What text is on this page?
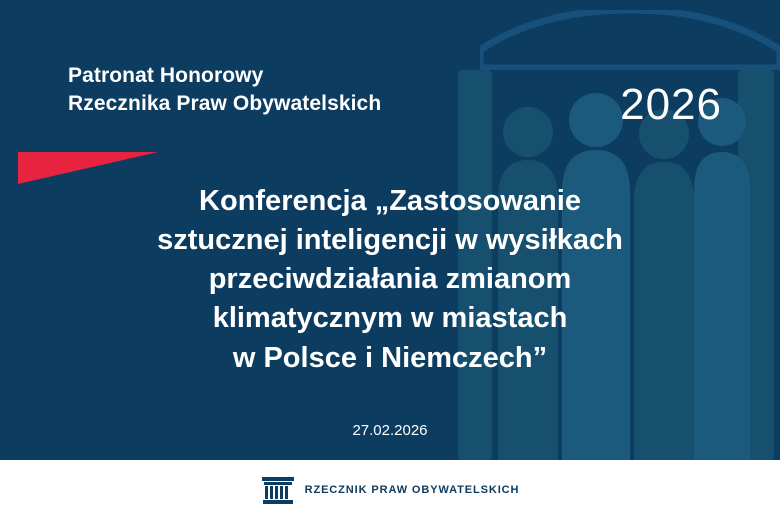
Patronat Honorowy
Rzecznika Praw Obywatelskich	2026
Konferencja „Zastosowanie
sztucznej inteligencji w wysiłkach
przeciwdziałania zmianom
klimatycznym w miastach
w Polsce i Niemczech”
27.02.2026
RZECZNIK PRAW OBYWATELSKICH
